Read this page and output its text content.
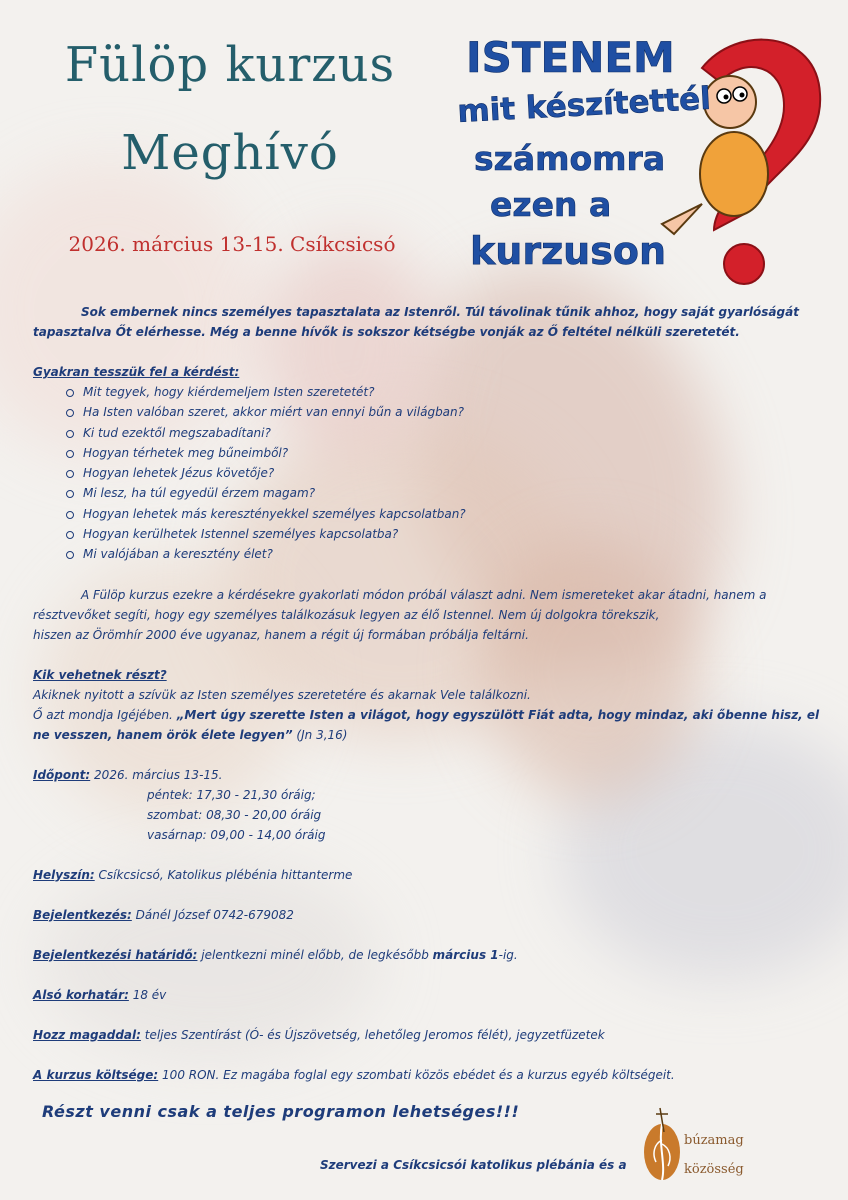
Fülöp kurzus
Meghívó
2026. március 13-15. Csíkcsicsó
ISTENEM
mit készítettél
számomra
ezen a
kurzuson

Sok embernek nincs személyes tapasztalata az Istenről. Túl távolinak tűnik ahhoz, hogy saját gyarlóságát tapasztalva Őt elérhesse. Még a benne hívők is sokszor kétségbe vonják az Ő feltétel nélküli szeretetét.

Gyakran tesszük fel a kérdést:
Mit tegyek, hogy kiérdemeljem Isten szeretetét?
Ha Isten valóban szeret, akkor miért van ennyi bűn a világban?
Ki tud ezektől megszabadítani?
Hogyan térhetek meg bűneimből?
Hogyan lehetek Jézus követője?
Mi lesz, ha túl egyedül érzem magam?
Hogyan lehetek más keresztényekkel személyes kapcsolatban?
Hogyan kerülhetek Istennel személyes kapcsolatba?
Mi valójában a keresztény élet?

A Fülöp kurzus ezekre a kérdésekre gyakorlati módon próbál választ adni. Nem ismereteket akar átadni, hanem a

résztvevőket segíti, hogy egy személyes találkozásuk legyen az élő Istennel. Nem új dolgokra törekszik,

hiszen az Örömhír 2000 éve ugyanaz, hanem a régit új formában próbálja feltárni.

Kik vehetnek részt?

Akiknek nyitott a szívük az Isten személyes szeretetére és akarnak Vele találkozni.

Ő azt mondja Igéjében. „Mert úgy szerette Isten a világot, hogy egyszülött Fiát adta, hogy mindaz, aki őbenne hisz, el ne vesszen, hanem örök élete legyen” (Jn 3,16)

Időpont: 2026. március 13-15.

péntek: 17,30 - 21,30 óráig;

szombat: 08,30 - 20,00 óráig

vasárnap: 09,00 - 14,00 óráig

Helyszín: Csíkcsicsó, Katolikus plébénia hittanterme

Bejelentkezés: Dánél József 0742-679082

Bejelentkezési határidő: jelentkezni minél előbb, de legkésőbb március 1-ig.

Alsó korhatár: 18 év

Hozz magaddal: teljes Szentírást (Ó- és Újszövetség, lehetőleg Jeromos félét), jegyzetfüzetek

A kurzus költsége: 100 RON. Ez magába foglal egy szombati közös ebédet és a kurzus egyéb költségeit.

Részt venni csak a teljes programon lehetséges!!!
Szervezi a Csíkcsicsói katolikus plébánia és a
búzamag
közösség
